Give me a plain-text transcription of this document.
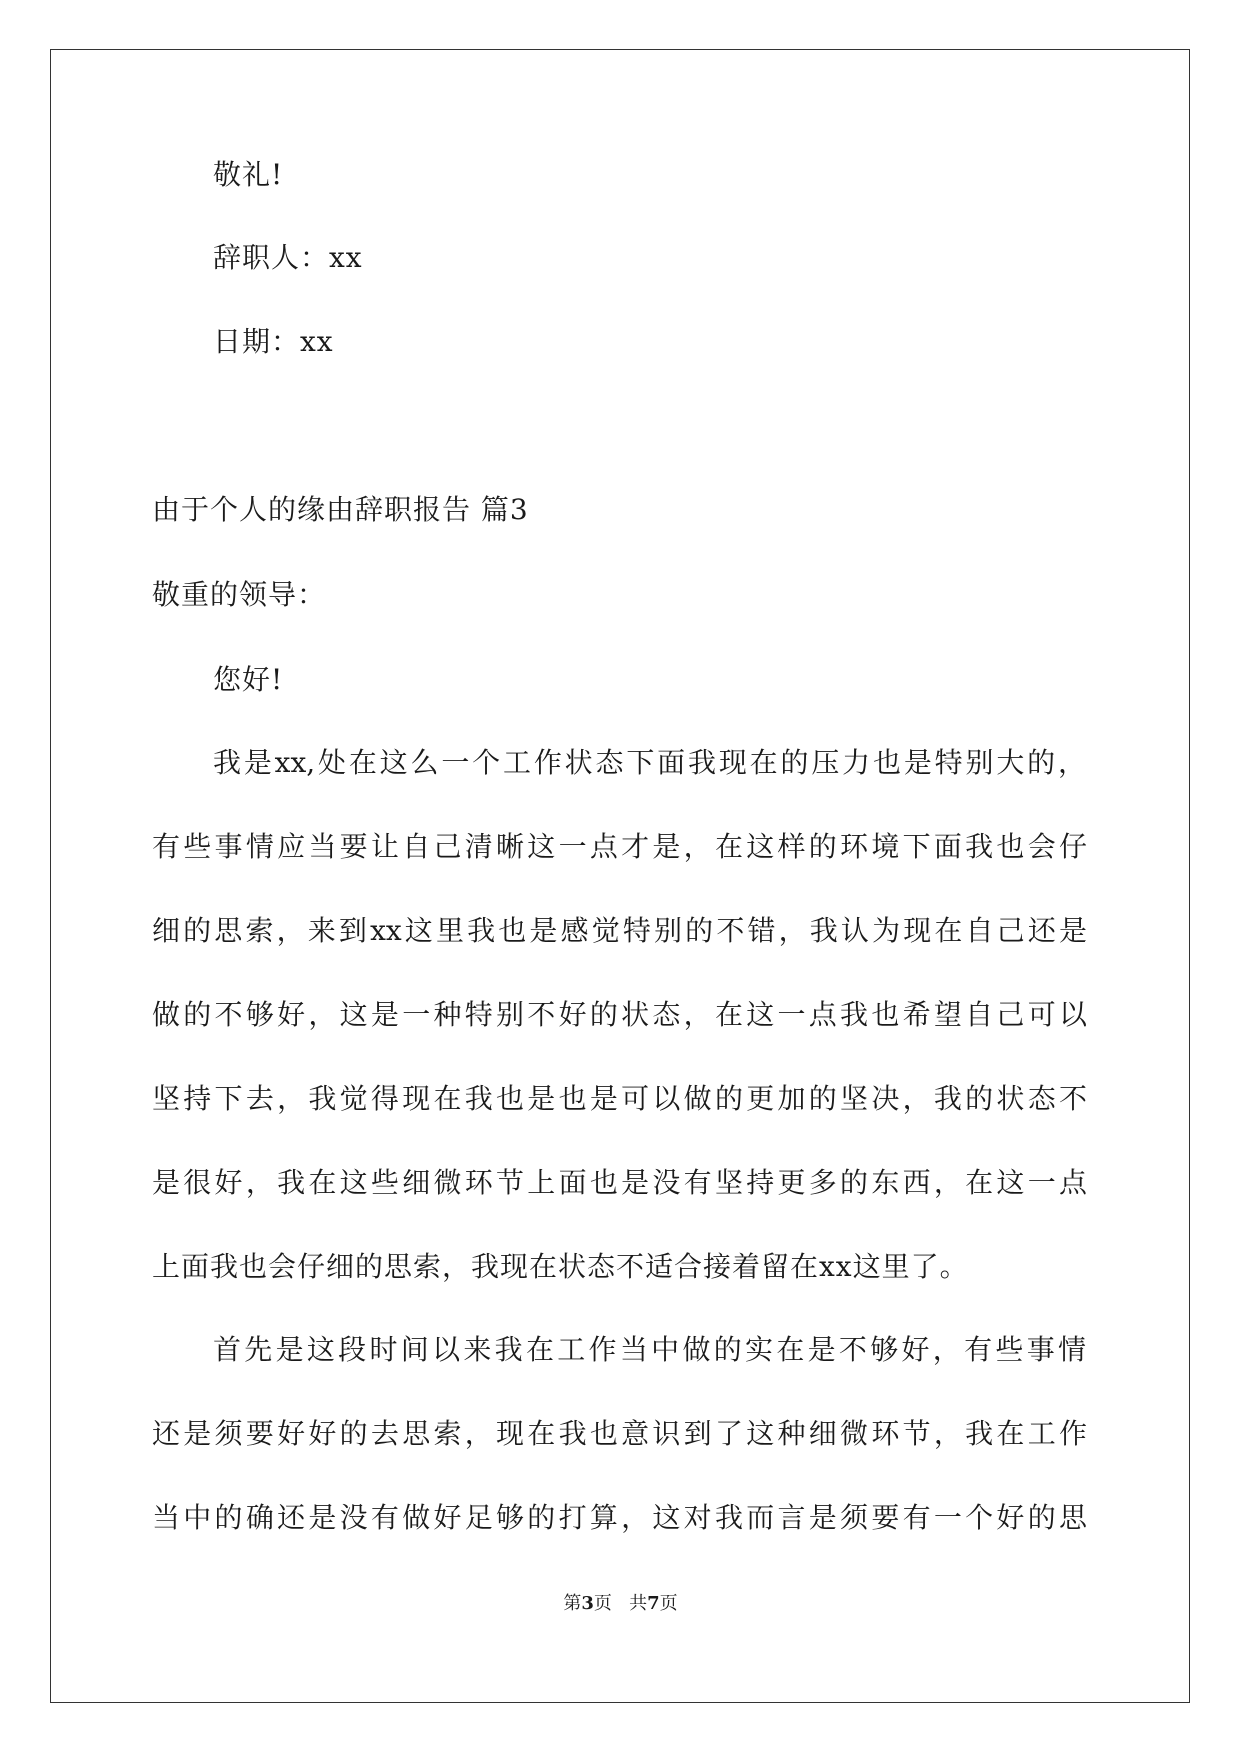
敬礼!
辞职人：xx
日期：xx
由于个人的缘由辞职报告 篇3
敬重的领导：
您好!
我是xx,处在这么一个工作状态下面我现在的压力也是特别大的，
有些事情应当要让自己清晰这一点才是，在这样的环境下面我也会仔
细的思索，来到xx这里我也是感觉特别的不错，我认为现在自己还是
做的不够好，这是一种特别不好的状态，在这一点我也希望自己可以
坚持下去，我觉得现在我也是也是可以做的更加的坚决，我的状态不
是很好，我在这些细微环节上面也是没有坚持更多的东西，在这一点
上面我也会仔细的思索，我现在状态不适合接着留在xx这里了。
首先是这段时间以来我在工作当中做的实在是不够好，有些事情
还是须要好好的去思索，现在我也意识到了这种细微环节，我在工作
当中的确还是没有做好足够的打算，这对我而言是须要有一个好的思
第3页 共7页
